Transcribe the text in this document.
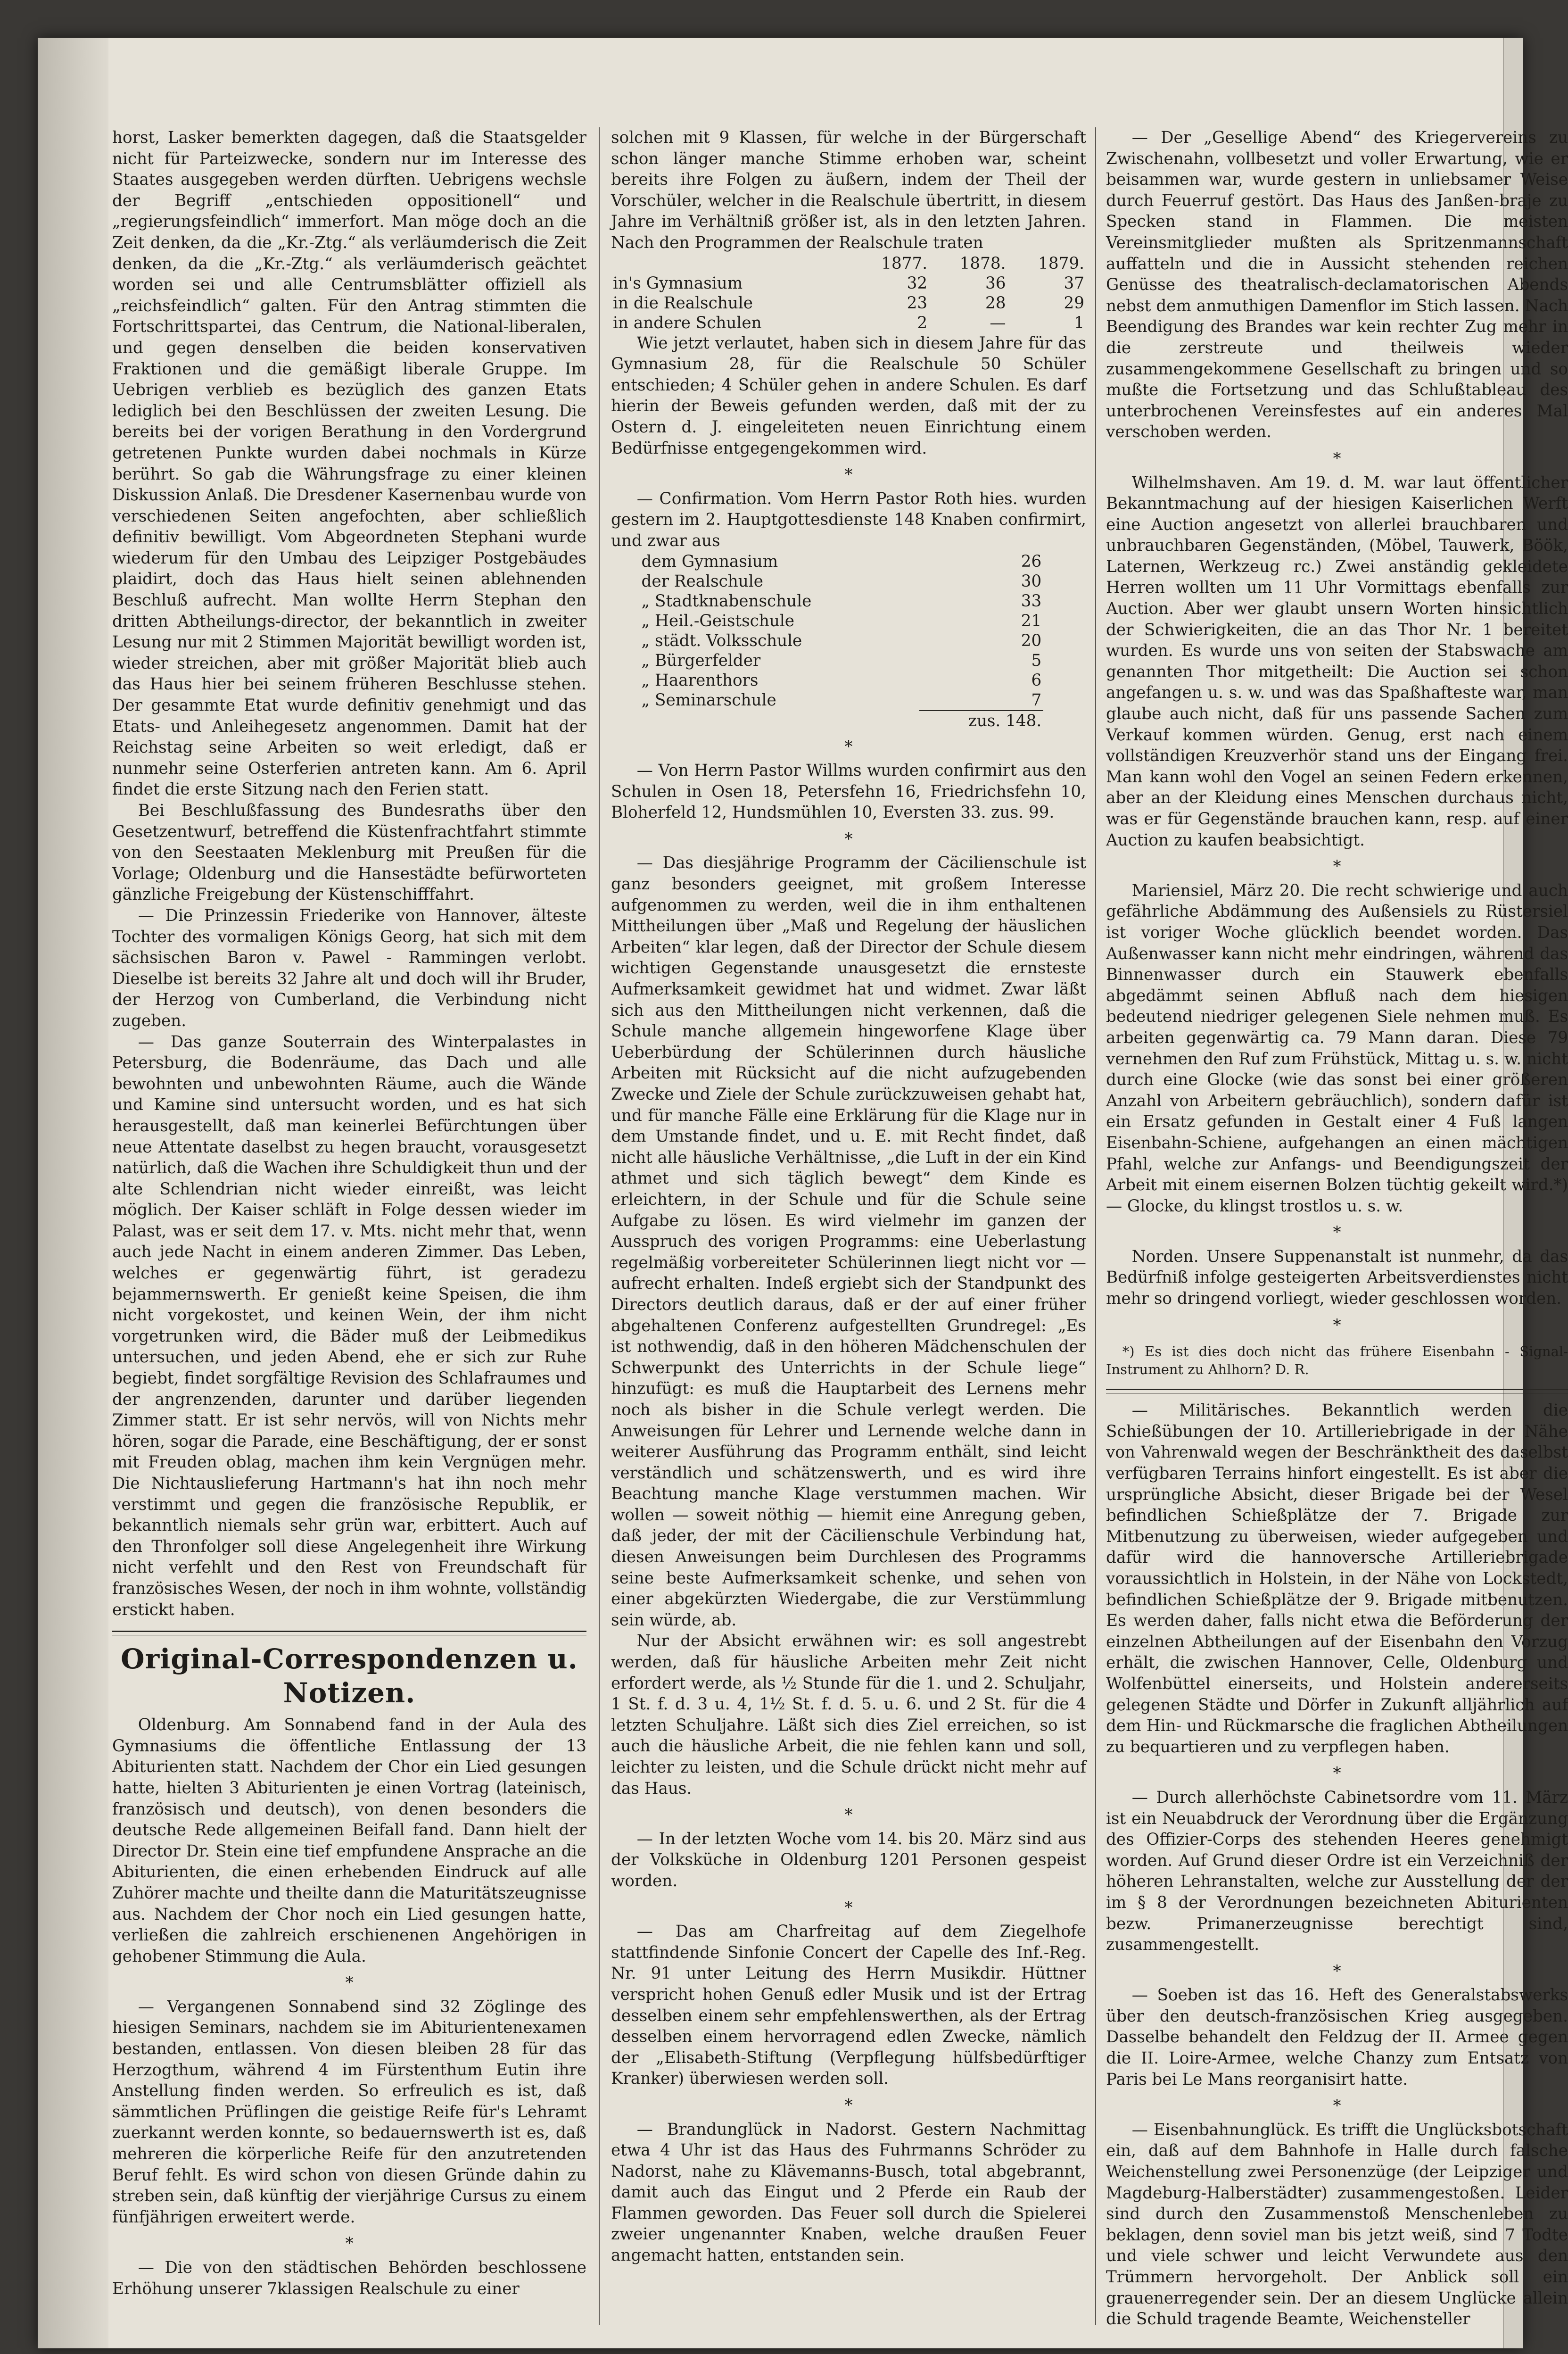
horst, Lasker bemerkten dagegen, daß die Staatsgelder nicht für Parteizwecke, sondern nur im Interesse des Staates ausgegeben werden dürften. Uebrigens wechsle der Begriff „entschieden oppositionell“ und „regierungsfeindlich“ immerfort. Man möge doch an die Zeit denken, da die „Kr.-Ztg.“ als verläumderisch die Zeit denken, da die „Kr.-Ztg.“ als verläumderisch geächtet worden sei und alle Centrumsblätter offiziell als „reichsfeindlich“ galten. Für den Antrag stimmten die Fortschrittspartei, das Centrum, die National-liberalen, und gegen denselben die beiden konservativen Fraktionen und die gemäßigt liberale Gruppe. Im Uebrigen verblieb es bezüglich des ganzen Etats lediglich bei den Beschlüssen der zweiten Lesung. Die bereits bei der vorigen Berathung in den Vordergrund getretenen Punkte wurden dabei nochmals in Kürze berührt. So gab die Währungsfrage zu einer kleinen Diskussion Anlaß. Die Dresdener Kasernenbau wurde von verschiedenen Seiten angefochten, aber schließlich definitiv bewilligt. Vom Abgeordneten Stephani wurde wiederum für den Umbau des Leipziger Postgebäudes plaidirt, doch das Haus hielt seinen ablehnenden Beschluß aufrecht. Man wollte Herrn Stephan den dritten Abtheilungs-director, der bekanntlich in zweiter Lesung nur mit 2 Stimmen Majorität bewilligt worden ist, wieder streichen, aber mit größer Majorität blieb auch das Haus hier bei seinem früheren Beschlusse stehen. Der gesammte Etat wurde definitiv genehmigt und das Etats- und Anleihegesetz angenommen. Damit hat der Reichstag seine Arbeiten so weit erledigt, daß er nunmehr seine Osterferien antreten kann. Am 6. April findet die erste Sitzung nach den Ferien statt.

Bei Beschlußfassung des Bundesraths über den Gesetzentwurf, betreffend die Küstenfrachtfahrt stimmte von den Seestaaten Meklenburg mit Preußen für die Vorlage; Oldenburg und die Hansestädte befürworteten gänzliche Freigebung der Küstenschifffahrt.

— Die Prinzessin Friederike von Hannover, älteste Tochter des vormaligen Königs Georg, hat sich mit dem sächsischen Baron v. Pawel - Rammingen verlobt. Dieselbe ist bereits 32 Jahre alt und doch will ihr Bruder, der Herzog von Cumberland, die Verbindung nicht zugeben.

— Das ganze Souterrain des Winterpalastes in Petersburg, die Bodenräume, das Dach und alle bewohnten und unbewohnten Räume, auch die Wände und Kamine sind untersucht worden, und es hat sich herausgestellt, daß man keinerlei Befürchtungen über neue Attentate daselbst zu hegen braucht, vorausgesetzt natürlich, daß die Wachen ihre Schuldigkeit thun und der alte Schlendrian nicht wieder einreißt, was leicht möglich. Der Kaiser schläft in Folge dessen wieder im Palast, was er seit dem 17. v. Mts. nicht mehr that, wenn auch jede Nacht in einem anderen Zimmer. Das Leben, welches er gegenwärtig führt, ist geradezu bejammernswerth. Er genießt keine Speisen, die ihm nicht vorgekostet, und keinen Wein, der ihm nicht vorgetrunken wird, die Bäder muß der Leibmedikus untersuchen, und jeden Abend, ehe er sich zur Ruhe begiebt, findet sorgfältige Revision des Schlafraumes und der angrenzenden, darunter und darüber liegenden Zimmer statt. Er ist sehr nervös, will von Nichts mehr hören, sogar die Parade, eine Beschäftigung, der er sonst mit Freuden oblag, machen ihm kein Vergnügen mehr. Die Nichtauslieferung Hartmann's hat ihn noch mehr verstimmt und gegen die französische Republik, er bekanntlich niemals sehr grün war, erbittert. Auch auf den Thronfolger soll diese Angelegenheit ihre Wirkung nicht verfehlt und den Rest von Freundschaft für französisches Wesen, der noch in ihm wohnte, vollständig erstickt haben.

Original-Correspondenzen u. Notizen.

Oldenburg. Am Sonnabend fand in der Aula des Gymnasiums die öffentliche Entlassung der 13 Abiturienten statt. Nachdem der Chor ein Lied gesungen hatte, hielten 3 Abiturienten je einen Vortrag (lateinisch, französisch und deutsch), von denen besonders die deutsche Rede allgemeinen Beifall fand. Dann hielt der Director Dr. Stein eine tief empfundene Ansprache an die Abiturienten, die einen erhebenden Eindruck auf alle Zuhörer machte und theilte dann die Maturitätszeugnisse aus. Nachdem der Chor noch ein Lied gesungen hatte, verließen die zahlreich erschienenen Angehörigen in gehobener Stimmung die Aula.

*

— Vergangenen Sonnabend sind 32 Zöglinge des hiesigen Seminars, nachdem sie im Abiturientenexamen bestanden, entlassen. Von diesen bleiben 28 für das Herzogthum, während 4 im Fürstenthum Eutin ihre Anstellung finden werden. So erfreulich es ist, daß sämmtlichen Prüflingen die geistige Reife für's Lehramt zuerkannt werden konnte, so bedauernswerth ist es, daß mehreren die körperliche Reife für den anzutretenden Beruf fehlt. Es wird schon von diesen Gründe dahin zu streben sein, daß künftig der vierjährige Cursus zu einem fünfjährigen erweitert werde.

*

— Die von den städtischen Behörden beschlossene Erhöhung unserer 7klassigen Realschule zu einer

solchen mit 9 Klassen, für welche in der Bürgerschaft schon länger manche Stimme erhoben war, scheint bereits ihre Folgen zu äußern, indem der Theil der Vorschüler, welcher in die Realschule übertritt, in diesem Jahre im Verhältniß größer ist, als in den letzten Jahren. Nach den Programmen der Realschule traten

	1877.	1878.	1879.
in's Gymnasium	32	36	37
in die Realschule	23	28	29
in andere Schulen	2	—	1

Wie jetzt verlautet, haben sich in diesem Jahre für das Gymnasium 28, für die Realschule 50 Schüler entschieden; 4 Schüler gehen in andere Schulen. Es darf hierin der Beweis gefunden werden, daß mit der zu Ostern d. J. eingeleiteten neuen Einrichtung einem Bedürfnisse entgegengekommen wird.

*

— Confirmation. Vom Herrn Pastor Roth hies. wurden gestern im 2. Hauptgottesdienste 148 Knaben confirmirt, und zwar aus

dem Gymnasium	26
der Realschule	30
„ Stadtknabenschule	33
„ Heil.-Geistschule	21
„ städt. Volksschule	20
„ Bürgerfelder	5
„ Haarenthors	6
„ Seminarschule	7
	zus. 148.
*

— Von Herrn Pastor Willms wurden confirmirt aus den Schulen in Osen 18, Petersfehn 16, Friedrichsfehn 10, Bloherfeld 12, Hundsmühlen 10, Eversten 33. zus. 99.

*

— Das diesjährige Programm der Cäcilienschule ist ganz besonders geeignet, mit großem Interesse aufgenommen zu werden, weil die in ihm enthaltenen Mittheilungen über „Maß und Regelung der häuslichen Arbeiten“ klar legen, daß der Director der Schule diesem wichtigen Gegenstande unausgesetzt die ernsteste Aufmerksamkeit gewidmet hat und widmet. Zwar läßt sich aus den Mittheilungen nicht verkennen, daß die Schule manche allgemein hingeworfene Klage über Ueberbürdung der Schülerinnen durch häusliche Arbeiten mit Rücksicht auf die nicht aufzugebenden Zwecke und Ziele der Schule zurückzuweisen gehabt hat, und für manche Fälle eine Erklärung für die Klage nur in dem Umstande findet, und u. E. mit Recht findet, daß nicht alle häusliche Verhältnisse, „die Luft in der ein Kind athmet und sich täglich bewegt“ dem Kinde es erleichtern, in der Schule und für die Schule seine Aufgabe zu lösen. Es wird vielmehr im ganzen der Ausspruch des vorigen Programms: eine Ueberlastung regelmäßig vorbereiteter Schülerinnen liegt nicht vor — aufrecht erhalten. Indeß ergiebt sich der Standpunkt des Directors deutlich daraus, daß er der auf einer früher abgehaltenen Conferenz aufgestellten Grundregel: „Es ist nothwendig, daß in den höheren Mädchenschulen der Schwerpunkt des Unterrichts in der Schule liege“ hinzufügt: es muß die Hauptarbeit des Lernens mehr noch als bisher in die Schule verlegt werden. Die Anweisungen für Lehrer und Lernende welche dann in weiterer Ausführung das Programm enthält, sind leicht verständlich und schätzenswerth, und es wird ihre Beachtung manche Klage verstummen machen. Wir wollen — soweit nöthig — hiemit eine Anregung geben, daß jeder, der mit der Cäcilienschule Verbindung hat, diesen Anweisungen beim Durchlesen des Programms seine beste Aufmerksamkeit schenke, und sehen von einer abgekürzten Wiedergabe, die zur Verstümmlung sein würde, ab.

Nur der Absicht erwähnen wir: es soll angestrebt werden, daß für häusliche Arbeiten mehr Zeit nicht erfordert werde, als ½ Stunde für die 1. und 2. Schuljahr, 1 St. f. d. 3 u. 4, 1½ St. f. d. 5. u. 6. und 2 St. für die 4 letzten Schuljahre. Läßt sich dies Ziel erreichen, so ist auch die häusliche Arbeit, die nie fehlen kann und soll, leichter zu leisten, und die Schule drückt nicht mehr auf das Haus.

*

— In der letzten Woche vom 14. bis 20. März sind aus der Volksküche in Oldenburg 1201 Personen gespeist worden.

*

— Das am Charfreitag auf dem Ziegelhofe stattfindende Sinfonie Concert der Capelle des Inf.-Reg. Nr. 91 unter Leitung des Herrn Musikdir. Hüttner verspricht hohen Genuß edler Musik und ist der Ertrag desselben einem sehr empfehlenswerthen, als der Ertrag desselben einem hervorragend edlen Zwecke, nämlich der „Elisabeth-Stiftung (Verpflegung hülfsbedürftiger Kranker) überwiesen werden soll.

*

— Brandunglück in Nadorst. Gestern Nachmittag etwa 4 Uhr ist das Haus des Fuhrmanns Schröder zu Nadorst, nahe zu Klävemanns-Busch, total abgebrannt, damit auch das Eingut und 2 Pferde ein Raub der Flammen geworden. Das Feuer soll durch die Spielerei zweier ungenannter Knaben, welche draußen Feuer angemacht hatten, entstanden sein.

— Der „Gesellige Abend“ des Kriegervereins zu Zwischenahn, vollbesetzt und voller Erwartung, wie er beisammen war, wurde gestern in unliebsamer Weise durch Feuerruf gestört. Das Haus des Janßen-braje zu Specken stand in Flammen. Die meisten Vereinsmitglieder mußten als Spritzenmannschaft auffatteln und die in Aussicht stehenden reichen Genüsse des theatralisch-declamatorischen Abends nebst dem anmuthigen Damenflor im Stich lassen. Nach Beendigung des Brandes war kein rechter Zug mehr in die zerstreute und theilweis wieder zusammengekommene Gesellschaft zu bringen und so mußte die Fortsetzung und das Schlußtableau des unterbrochenen Vereinsfestes auf ein anderes Mal verschoben werden.

*

Wilhelmshaven. Am 19. d. M. war laut öffentlicher Bekanntmachung auf der hiesigen Kaiserlichen Werft eine Auction angesetzt von allerlei brauchbaren und unbrauchbaren Gegenständen, (Möbel, Tauwerk, Böök, Laternen, Werkzeug rc.) Zwei anständig gekleidete Herren wollten um 11 Uhr Vormittags ebenfalls zur Auction. Aber wer glaubt unsern Worten hinsichtlich der Schwierigkeiten, die an das Thor Nr. 1 bereitet wurden. Es wurde uns von seiten der Stabswache am genannten Thor mitgetheilt: Die Auction sei schon angefangen u. s. w. und was das Spaßhafteste war, man glaube auch nicht, daß für uns passende Sachen zum Verkauf kommen würden. Genug, erst nach einem vollständigen Kreuzverhör stand uns der Eingang frei. Man kann wohl den Vogel an seinen Federn erkennen, aber an der Kleidung eines Menschen durchaus nicht, was er für Gegenstände brauchen kann, resp. auf einer Auction zu kaufen beabsichtigt.

*

Mariensiel, März 20. Die recht schwierige und auch gefährliche Abdämmung des Außensiels zu Rüstersiel ist voriger Woche glücklich beendet worden. Das Außenwasser kann nicht mehr eindringen, während das Binnenwasser durch ein Stauwerk ebenfalls abgedämmt seinen Abfluß nach dem hiesigen bedeutend niedriger gelegenen Siele nehmen muß. Es arbeiten gegenwärtig ca. 79 Mann daran. Diese 79 vernehmen den Ruf zum Frühstück, Mittag u. s. w. nicht durch eine Glocke (wie das sonst bei einer größeren Anzahl von Arbeitern gebräuchlich), sondern dafür ist ein Ersatz gefunden in Gestalt einer 4 Fuß langen Eisenbahn-Schiene, aufgehangen an einen mächtigen Pfahl, welche zur Anfangs- und Beendigungszeit der Arbeit mit einem eisernen Bolzen tüchtig gekeilt wird.*) — Glocke, du klingst trostlos u. s. w.

*

Norden. Unsere Suppenanstalt ist nunmehr, da das Bedürfniß infolge gesteigerten Arbeitsverdienstes nicht mehr so dringend vorliegt, wieder geschlossen worden.

*

*) Es ist dies doch nicht das frühere Eisenbahn - Signal-Instrument zu Ahlhorn? D. R.

— Militärisches. Bekanntlich werden die Schießübungen der 10. Artilleriebrigade in der Nähe von Vahrenwald wegen der Beschränktheit des daselbst verfügbaren Terrains hinfort eingestellt. Es ist aber die ursprüngliche Absicht, dieser Brigade bei der Wesel befindlichen Schießplätze der 7. Brigade zur Mitbenutzung zu überweisen, wieder aufgegeben und dafür wird die hannoversche Artilleriebrigade voraussichtlich in Holstein, in der Nähe von Lockstedt, befindlichen Schießplätze der 9. Brigade mitbenutzen. Es werden daher, falls nicht etwa die Beförderung der einzelnen Abtheilungen auf der Eisenbahn den Vorzug erhält, die zwischen Hannover, Celle, Oldenburg und Wolfenbüttel einerseits, und Holstein andererseits gelegenen Städte und Dörfer in Zukunft alljährlich auf dem Hin- und Rückmarsche die fraglichen Abtheilungen zu bequartieren und zu verpflegen haben.

*

— Durch allerhöchste Cabinetsordre vom 11. März ist ein Neuabdruck der Verordnung über die Ergänzung des Offizier-Corps des stehenden Heeres genehmigt worden. Auf Grund dieser Ordre ist ein Verzeichniß der höheren Lehranstalten, welche zur Ausstellung der der im § 8 der Verordnungen bezeichneten Abiturienten bezw. Primanerzeugnisse berechtigt sind, zusammengestellt.

*

— Soeben ist das 16. Heft des Generalstabswerks über den deutsch-französischen Krieg ausgegeben. Dasselbe behandelt den Feldzug der II. Armee gegen die II. Loire-Armee, welche Chanzy zum Entsatz von Paris bei Le Mans reorganisirt hatte.

*

— Eisenbahnunglück. Es trifft die Unglücksbotschaft ein, daß auf dem Bahnhofe in Halle durch falsche Weichenstellung zwei Personenzüge (der Leipziger und Magdeburg-Halberstädter) zusammengestoßen. Leider sind durch den Zusammenstoß Menschenleben zu beklagen, denn soviel man bis jetzt weiß, sind 7 Todte und viele schwer und leicht Verwundete aus den Trümmern hervorgeholt. Der Anblick soll ein grauenerregender sein. Der an diesem Unglücke allein die Schuld tragende Beamte, Weichensteller
